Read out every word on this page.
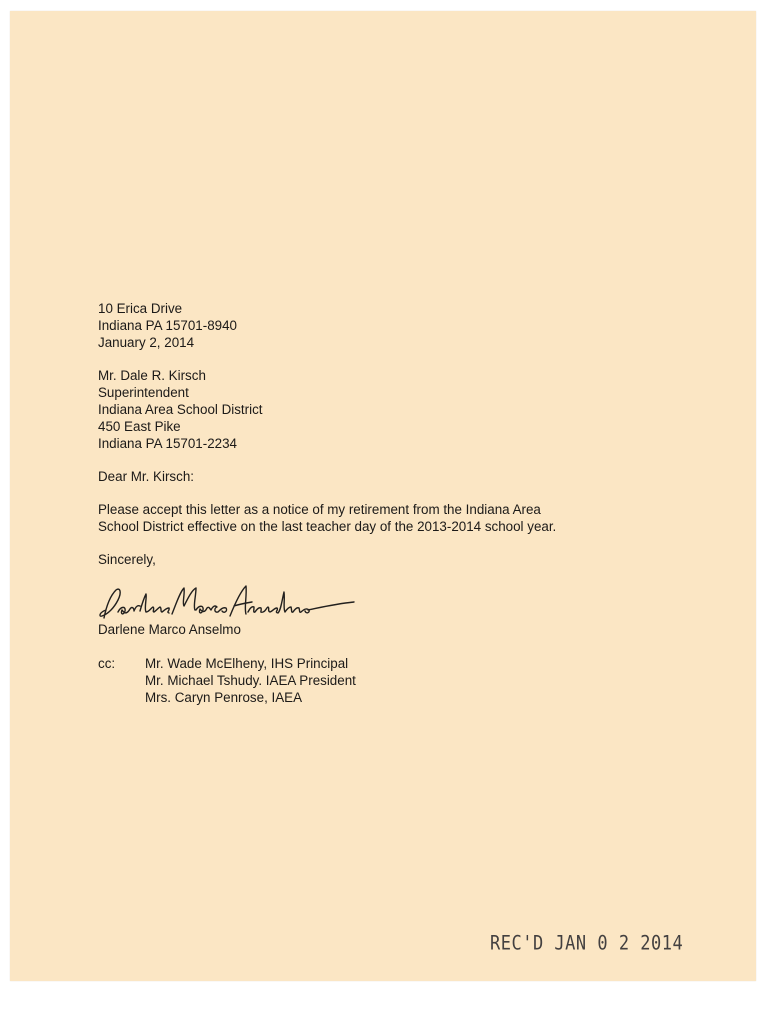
10 Erica Drive
Indiana PA 15701-8940
January 2, 2014
Mr. Dale R. Kirsch
Superintendent
Indiana Area School District
450 East Pike
Indiana PA 15701-2234
Dear Mr. Kirsch:
Please accept this letter as a notice of my retirement from the Indiana Area
School District effective on the last teacher day of the 2013-2014 school year.
Sincerely,
Darlene Marco Anselmo
cc:	Mr. Wade McElheny, IHS Principal
Mr. Michael Tshudy. IAEA President
Mrs. Caryn Penrose, IAEA
REC'D JAN 0 2 2014
